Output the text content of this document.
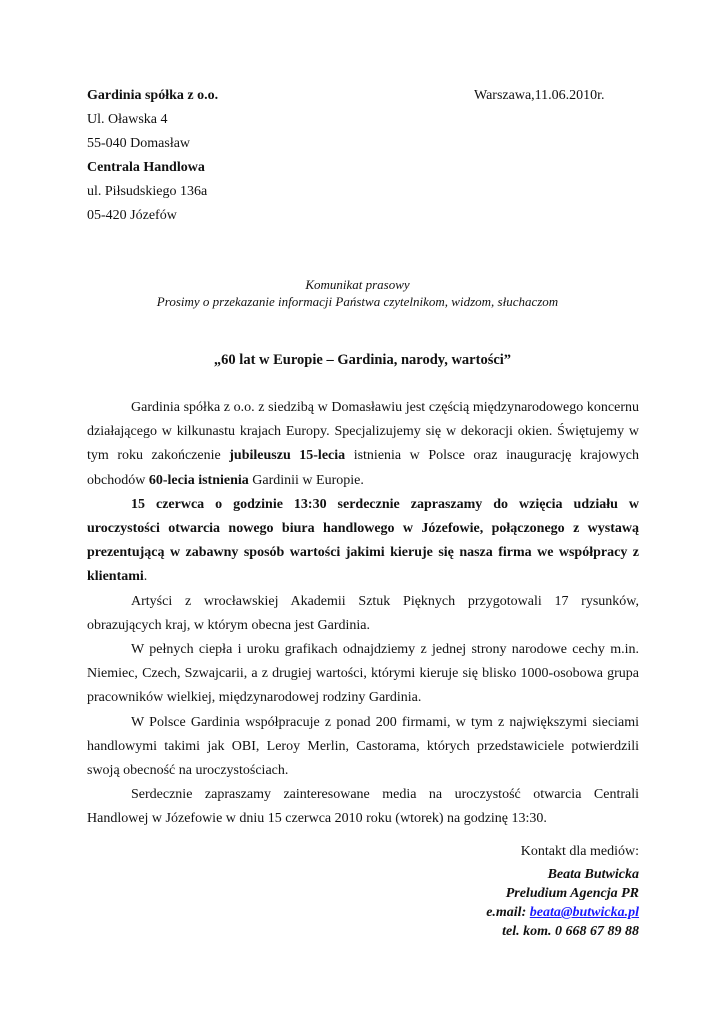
Gardinia spółka z o.o.
Ul. Oławska 4
55-040 Domasław
Centrala Handlowa
ul. Piłsudskiego 136a
05-420 Józefów
Warszawa,11.06.2010r.
Komunikat prasowy
Prosimy o przekazanie informacji Państwa czytelnikom, widzom, słuchaczom
„60 lat w Europie – Gardinia, narody, wartości”

Gardinia spółka z o.o. z siedzibą w Domasławiu jest częścią międzynarodowego koncernu działającego w kilkunastu krajach Europy. Specjalizujemy się w dekoracji okien. Świętujemy w tym roku zakończenie jubileuszu 15-lecia istnienia w Polsce oraz inaugurację krajowych obchodów 60-lecia istnienia Gardinii w Europie.

15 czerwca o godzinie 13:30 serdecznie zapraszamy do wzięcia udziału w uroczystości otwarcia nowego biura handlowego w Józefowie, połączonego z wystawą prezentującą w zabawny sposób wartości jakimi kieruje się nasza firma we współpracy z klientami.

Artyści z wrocławskiej Akademii Sztuk Pięknych przygotowali 17 rysunków, obrazujących kraj, w którym obecna jest Gardinia.

W pełnych ciepła i uroku grafikach odnajdziemy z jednej strony narodowe cechy m.in. Niemiec, Czech, Szwajcarii, a z drugiej wartości, którymi kieruje się blisko 1000-osobowa grupa pracowników wielkiej, międzynarodowej rodziny Gardinia.

W Polsce Gardinia współpracuje z ponad 200 firmami, w tym z największymi sieciami handlowymi takimi jak OBI, Leroy Merlin, Castorama, których przedstawiciele potwierdzili swoją obecność na uroczystościach.

Serdecznie zapraszamy zainteresowane media na uroczystość otwarcia Centrali Handlowej w Józefowie w dniu 15 czerwca 2010 roku (wtorek) na godzinę 13:30.

Kontakt dla mediów:
Beata Butwicka
Preludium Agencja PR
e.mail: beata@butwicka.pl
tel. kom. 0 668 67 89 88
